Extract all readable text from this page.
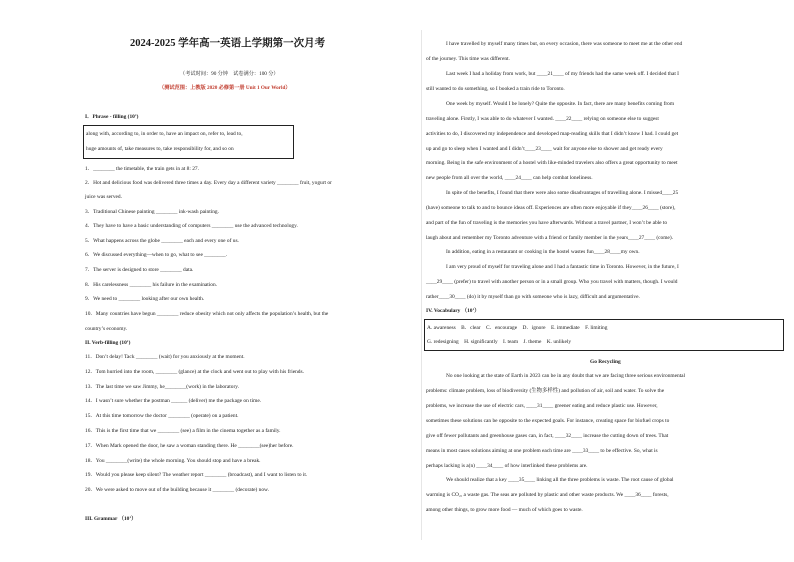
2024-2025 学年高一英语上学期第一次月考
（考试时间：90 分钟　试卷满分：100 分）
（测试范围：上教版 2020 必修第一册 Unit 1 Our World）
I．Phrase - filling (10’)
along with, according to, in order to, have an impact on, refer to, lead to,
huge amounts of, take measures to, take responsibility for, and so on
1．________ the timetable, the train gets in at 8: 27.
2．Hot and delicious food was delivered three times a day. Every day a different variety ________ fruit, yogurt or
juice was served.
3．Traditional Chinese painting ________ ink-wash painting.
4．They have to have a basic understanding of computers ________ use the advanced technology.
5．What happens across the globe ________ each and every one of us.
6．We discussed everything—when to go, what to see ________.
7．The server is designed to store ________ data.
8．His carelessness ________ his failure in the examination.
9．We need to ________ looking after our own health.
10．Many countries have begun ________ reduce obesity which not only affects the population’s health, but the
country’s economy.
II. Verb-filling (10’)
11．Don’t delay! Tack ________ (wait) for you anxiously at the moment.
12．Tom hurried into the room, ________ (glance) at the clock and went out to play with his friends.
13．The last time we saw Jimmy, he________(work) in the laboratory.
14．I wasn’t sure whether the postman ______ (deliver) me the package on time.
15．At this time tomorrow the doctor ________ (operate) on a patient.
16．This is the first time that we ________ (see) a film in the cinema together as a family.
17．When Mark opened the door, he saw a woman standing there. He ________(see)her before.
18．You ________(write) the whole morning. You should stop and have a break.
19．Would you please keep silent? The weather report ________ (broadcast), and I want to listen to it.
20．We were asked to move out of the building because it ________ (decorate) now.
III. Grammar （10’）
I have travelled by myself many times but, on every occasion, there was someone to meet me at the other end
of the journey. This time was different.
Last week I had a holiday from work, but ____21____ of my friends had the same week off. I decided that I
still wanted to do something, so I booked a train ride to Toronto.
One week by myself. Would I be lonely? Quite the opposite. In fact, there are many benefits coming from
traveling alone. Firstly, I was able to do whatever I wanted. ____22____ relying on someone else to suggest
activities to do, I discovered my independence and developed map-reading skills that I didn’t know I had. I could get
up and go to sleep when I wanted and I didn’t____23____ wait for anyone else to shower and get ready every
morning. Being in the safe environment of a hostel with like-minded travelers also offers a great opportunity to meet
new people from all over the world, ____24____ can help combat loneliness.
In spite of the benefits, I found that there were also some disadvantages of travelling alone. I missed____25
(have) someone to talk to and to bounce ideas off. Experiences are often more enjoyable if they____26____ (store),
and part of the fun of traveling is the memories you have afterwards. Without a travel partner, I won’t be able to
laugh about and remember my Toronto adventure with a friend or family member in the years____27____ (come).
In addition, eating in a restaurant or cooking in the hostel wastes fun____28____my own.
I am very proud of myself for traveling alone and I had a fantastic time in Toronto. However, in the future, I
____29____ (prefer) to travel with another person or in a small group. Who you travel with matters, though. I would
rather____30____ (do) it by myself than go with someone who is lazy, difficult and argumentative.
IV. Vocabulary （10’）
A. awareness　B．clear　C．encourage　D．ignore　E. immediate　F. limiting
G. redesigning　H. significantly　I. team　J. theme　K. unlikely
Go Recycling
No one looking at the state of Earth in 2023 can be in any doubt that we are facing three serious environmental
problems: climate problem, loss of biodiversity (生物多样性) and pollution of air, soil and water. To solve the
problems, we increase the use of electric cars, ____31____ greener eating and reduce plastic use. However,
sometimes these solutions can be opposite to the expected goals. For instance, creating space for biofuel crops to
give off fewer pollutants and greenhouse gases can, in fact, ____32____ increase the cutting down of trees. That
means in most cases solutions aiming at one problem each time are ____33____ to be effective. So, what is
perhaps lacking is a(n) ____34____ of how interlinked these problems are.
We should realize that a key ____35____ linking all the three problems is waste. The root cause of global
warming is CO₂, a waste gas. The seas are polluted by plastic and other waste products. We ____36____ forests,
among other things, to grow more food — much of which goes to waste.
